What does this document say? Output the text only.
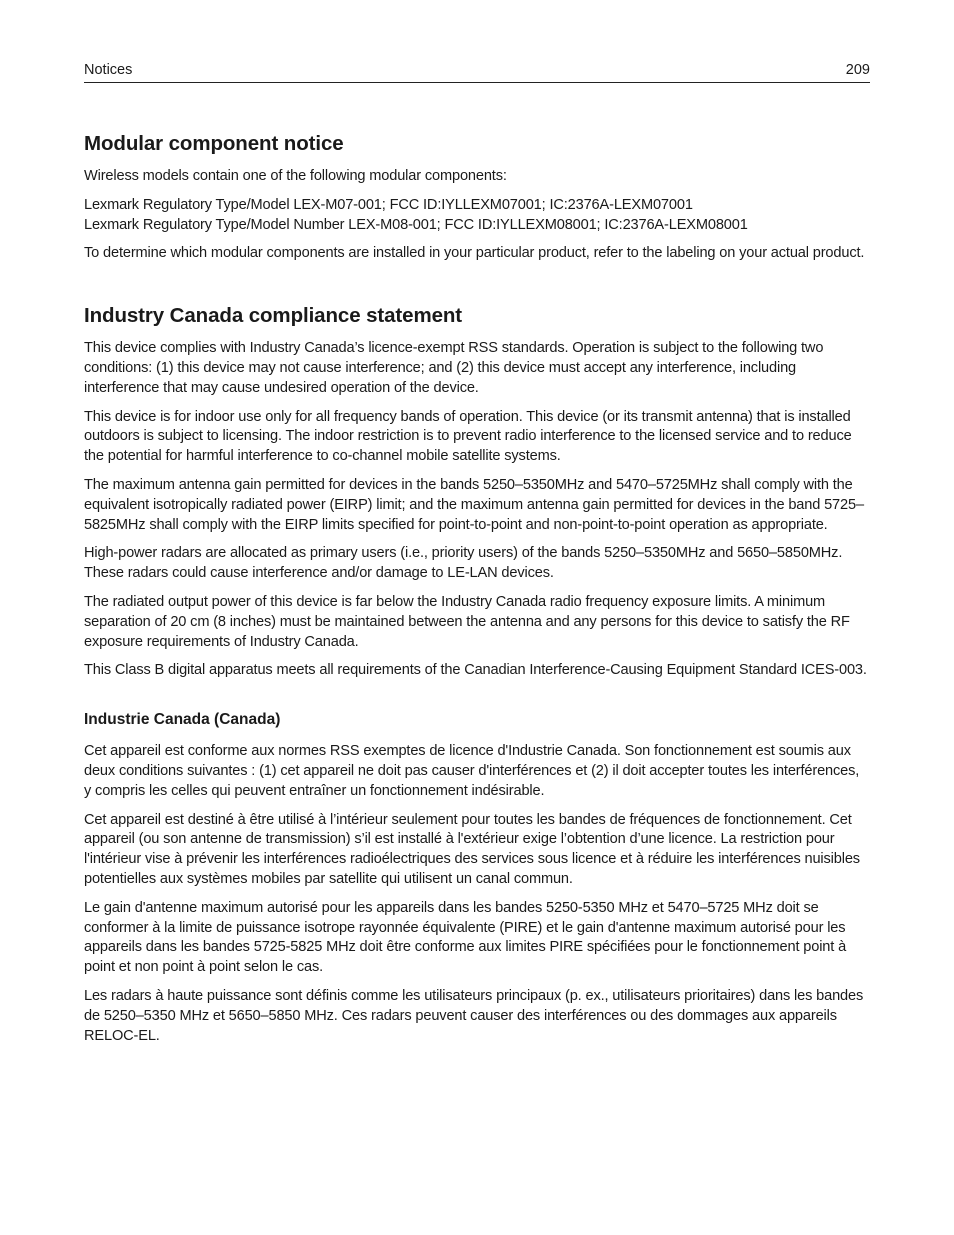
Notices	209
Modular component notice

Wireless models contain one of the following modular components:

Lexmark Regulatory Type/Model LEX-M07-001; FCC ID:IYLLEXM07001; IC:2376A-LEXM07001

Lexmark Regulatory Type/Model Number LEX-M08-001; FCC ID:IYLLEXM08001; IC:2376A-LEXM08001

To determine which modular components are installed in your particular product, refer to the labeling on your actual product.

Industry Canada compliance statement

This device complies with Industry Canada’s licence-exempt RSS standards. Operation is subject to the following two conditions: (1) this device may not cause interference; and (2) this device must accept any interference, including interference that may cause undesired operation of the device.

This device is for indoor use only for all frequency bands of operation. This device (or its transmit antenna) that is installed outdoors is subject to licensing. The indoor restriction is to prevent radio interference to the licensed service and to reduce the potential for harmful interference to co-channel mobile satellite systems.

The maximum antenna gain permitted for devices in the bands 5250–5350MHz and 5470–5725MHz shall comply with the equivalent isotropically radiated power (EIRP) limit; and the maximum antenna gain permitted for devices in the band 5725–5825MHz shall comply with the EIRP limits specified for point-to-point and non-point-to-point operation as appropriate.

High-power radars are allocated as primary users (i.e., priority users) of the bands 5250–5350MHz and 5650–5850MHz. These radars could cause interference and/or damage to LE-LAN devices.

The radiated output power of this device is far below the Industry Canada radio frequency exposure limits. A minimum separation of 20 cm (8 inches) must be maintained between the antenna and any persons for this device to satisfy the RF exposure requirements of Industry Canada.

This Class B digital apparatus meets all requirements of the Canadian Interference-Causing Equipment Standard ICES-003.

Industrie Canada (Canada)

Cet appareil est conforme aux normes RSS exemptes de licence d'Industrie Canada. Son fonctionnement est soumis aux deux conditions suivantes : (1) cet appareil ne doit pas causer d'interférences et (2) il doit accepter toutes les interférences, y compris les celles qui peuvent entraîner un fonctionnement indésirable.

Cet appareil est destiné à être utilisé à l’intérieur seulement pour toutes les bandes de fréquences de fonctionnement. Cet appareil (ou son antenne de transmission) s’il est installé à l'extérieur exige l’obtention d’une licence. La restriction pour l'intérieur vise à prévenir les interférences radioélectriques des services sous licence et à réduire les interférences nuisibles potentielles aux systèmes mobiles par satellite qui utilisent un canal commun.

Le gain d'antenne maximum autorisé pour les appareils dans les bandes 5250-5350 MHz et 5470–5725 MHz doit se conformer à la limite de puissance isotrope rayonnée équivalente (PIRE) et le gain d'antenne maximum autorisé pour les appareils dans les bandes 5725-5825 MHz doit être conforme aux limites PIRE spécifiées pour le fonctionnement point à point et non point à point selon le cas.

Les radars à haute puissance sont définis comme les utilisateurs principaux (p. ex., utilisateurs prioritaires) dans les bandes de 5250–5350 MHz et 5650–5850 MHz. Ces radars peuvent causer des interférences ou des dommages aux appareils RELOC-EL.
